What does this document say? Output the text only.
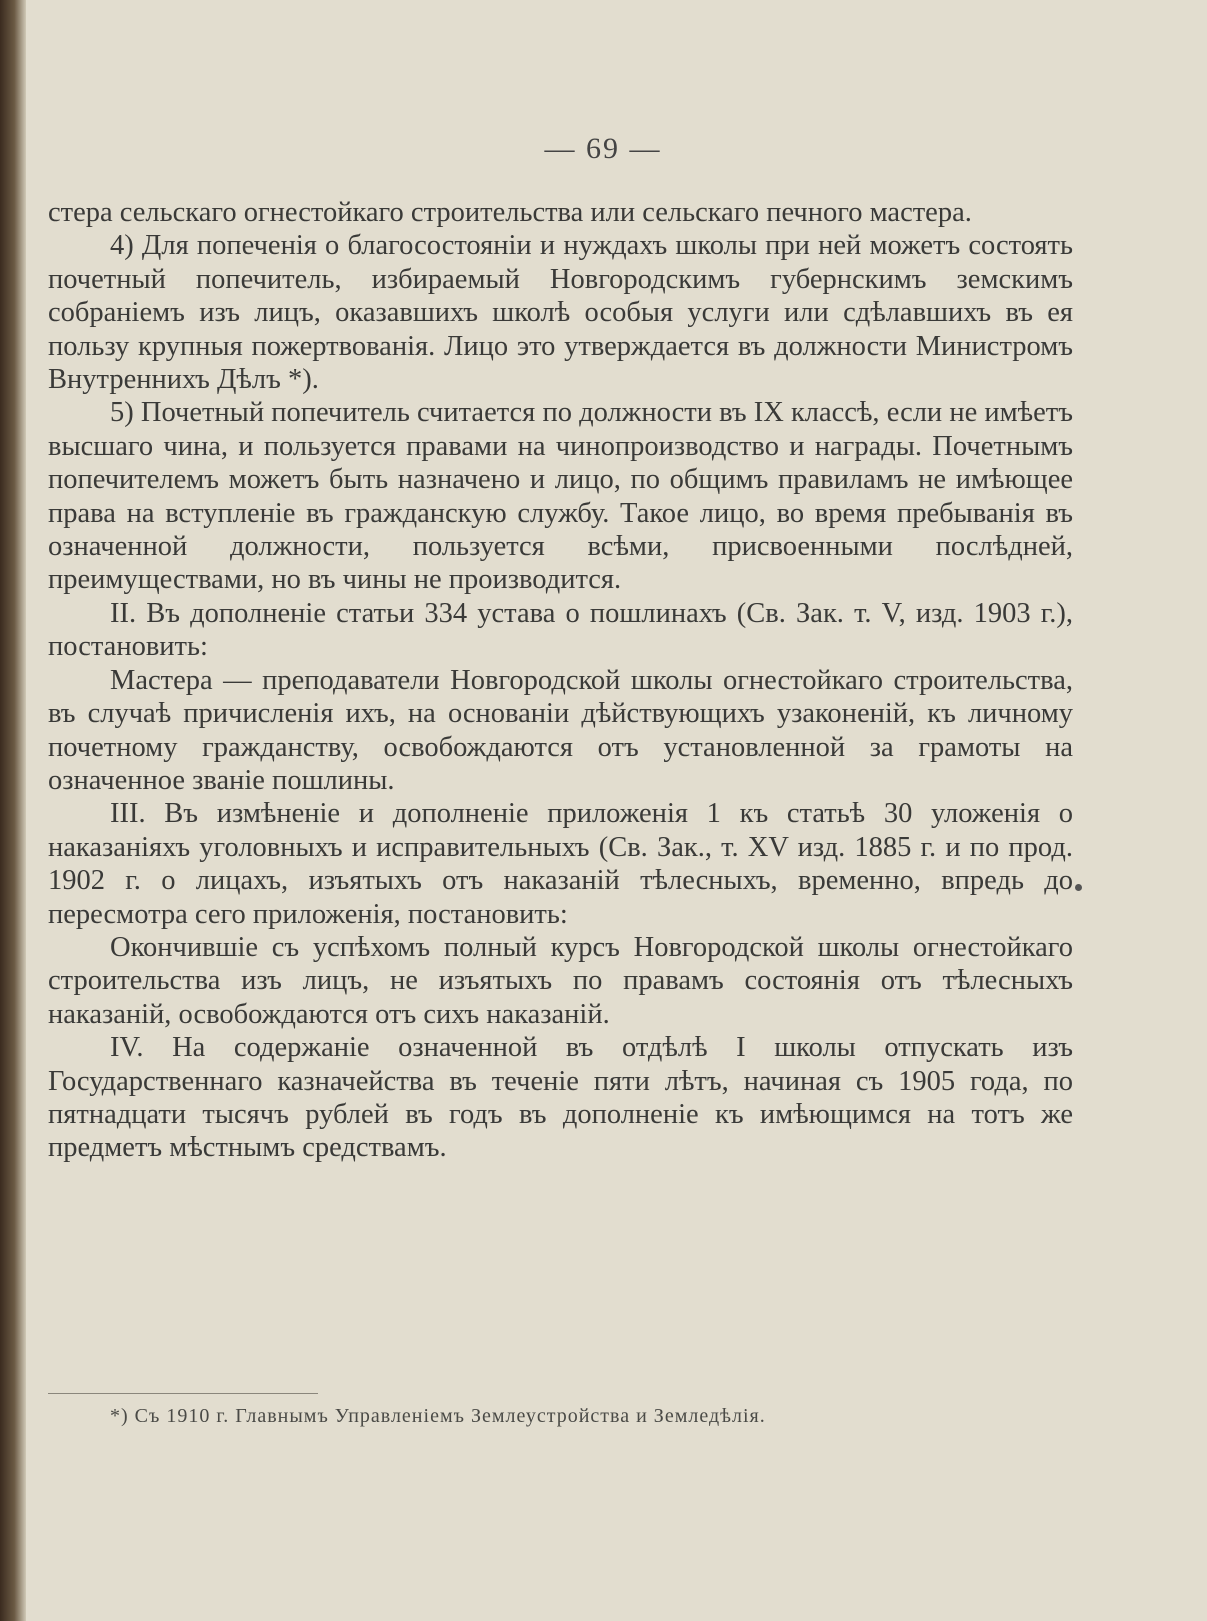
— 69 —

стера сельскаго огнестойкаго строительства или сельскаго печного мастера.

4) Для попеченія о благосостояніи и нуждахъ школы при ней можетъ состоять почетный попечитель, избираемый Новгородскимъ губернскимъ земскимъ собраніемъ изъ лицъ, оказавшихъ школѣ особыя услуги или сдѣлавшихъ въ ея пользу крупныя пожертвованія. Лицо это утверждается въ должности Министромъ Внутреннихъ Дѣлъ *).

5) Почетный попечитель считается по должности въ IX классѣ, если не имѣетъ высшаго чина, и пользуется правами на чинопроизводство и награды. Почетнымъ попечителемъ можетъ быть назначено и лицо, по общимъ правиламъ не имѣющее права на вступленіе въ гражданскую службу. Такое лицо, во время пребыванія въ означенной должности, пользуется всѣми, присвоенными послѣдней, преимуществами, но въ чины не производится.

II. Въ дополненіе статьи 334 устава о пошлинахъ (Св. Зак. т. V, изд. 1903 г.), постановить:

Мастера — преподаватели Новгородской школы огнестойкаго строительства, въ случаѣ причисленія ихъ, на основаніи дѣйствующихъ узаконеній, къ личному почетному гражданству, освобождаются отъ установленной за грамоты на означенное званіе пошлины.

III. Въ измѣненіе и дополненіе приложенія 1 къ статьѣ 30 уложенія о наказаніяхъ уголовныхъ и исправительныхъ (Св. Зак., т. XV изд. 1885 г. и по прод. 1902 г. о лицахъ, изъятыхъ отъ наказаній тѣлесныхъ, временно, впредь до пересмотра сего приложенія, постановить:

Окончившіе съ успѣхомъ полный курсъ Новгородской школы огнестойкаго строительства изъ лицъ, не изъятыхъ по правамъ состоянія отъ тѣлесныхъ наказаній, освобождаются отъ сихъ наказаній.

IV. На содержаніе означенной въ отдѣлѣ I школы отпускать изъ Государственнаго казначейства въ теченіе пяти лѣтъ, начиная съ 1905 года, по пятнадцати тысячъ рублей въ годъ въ дополненіе къ имѣющимся на тотъ же предметъ мѣстнымъ средствамъ.

*) Съ 1910 г. Главнымъ Управленіемъ Землеустройства и Земледѣлія.
